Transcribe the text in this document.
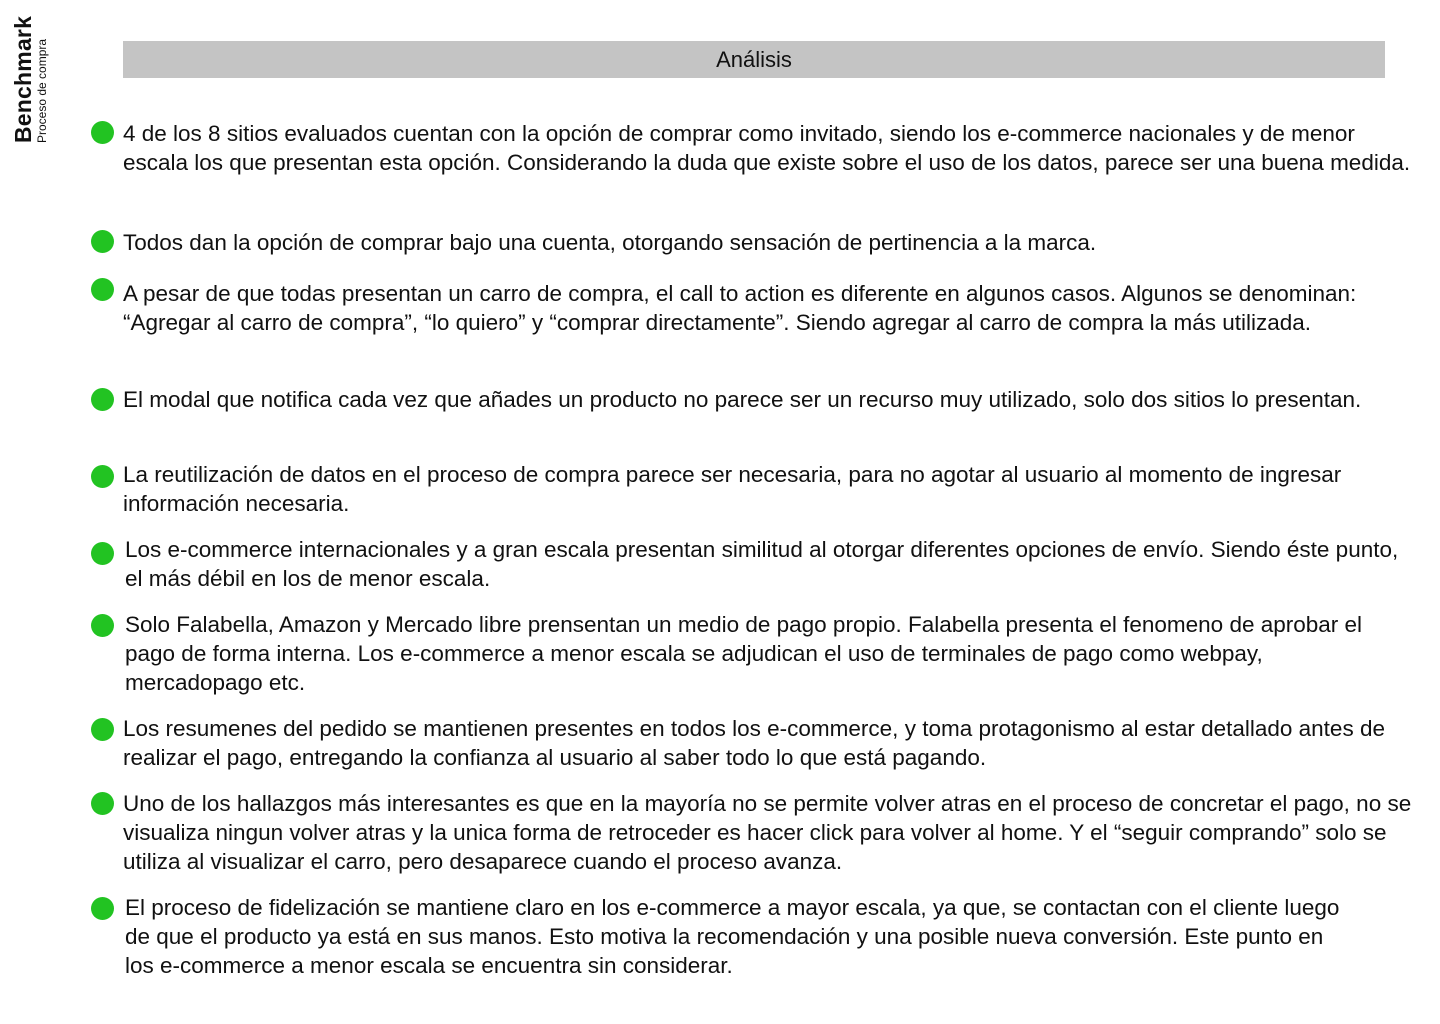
Benchmark Proceso de compra	Análisis

4 de los 8 sitios evaluados cuentan con la opción de comprar como invitado, siendo los e-commerce nacionales y de menor escala los que presentan esta opción. Considerando la duda que existe sobre el uso de los datos, parece ser una buena medida.

Todos dan la opción de comprar bajo una cuenta, otorgando sensación de pertinencia a la marca.

A pesar de que todas presentan un carro de compra, el call to action es diferente en algunos casos. Algunos se denominan: “Agregar al carro de compra”, “lo quiero” y “comprar directamente”. Siendo agregar al carro de compra la más utilizada.

El modal que notifica cada vez que añades un producto no parece ser un recurso muy utilizado, solo dos sitios lo presentan.

La reutilización de datos en el proceso de compra parece ser necesaria, para no agotar al usuario al momento de ingresar información necesaria.

Los e-commerce internacionales y a gran escala presentan similitud al otorgar diferentes opciones de envío. Siendo éste punto, el más débil en los de menor escala.

Solo Falabella, Amazon y Mercado libre prensentan un medio de pago propio. Falabella presenta el fenomeno de aprobar el pago de forma interna. Los e-commerce a menor escala se adjudican el uso de terminales de pago como webpay, mercadopago etc.

Los resumenes del pedido se mantienen presentes en todos los e-commerce, y toma protagonismo al estar detallado antes de realizar el pago, entregando la confianza al usuario al saber todo lo que está pagando.

Uno de los hallazgos más interesantes es que en la mayoría no se permite volver atras en el proceso de concretar el pago, no se visualiza ningun volver atras y la unica forma de retroceder es hacer click para volver al home. Y el “seguir comprando” solo se utiliza al visualizar el carro, pero desaparece cuando el proceso avanza.

El proceso de fidelización se mantiene claro en los e-commerce a mayor escala, ya que, se contactan con el cliente luego de que el producto ya está en sus manos. Esto motiva la recomendación y una posible nueva conversión. Este punto en los e-commerce a menor escala se encuentra sin considerar.
